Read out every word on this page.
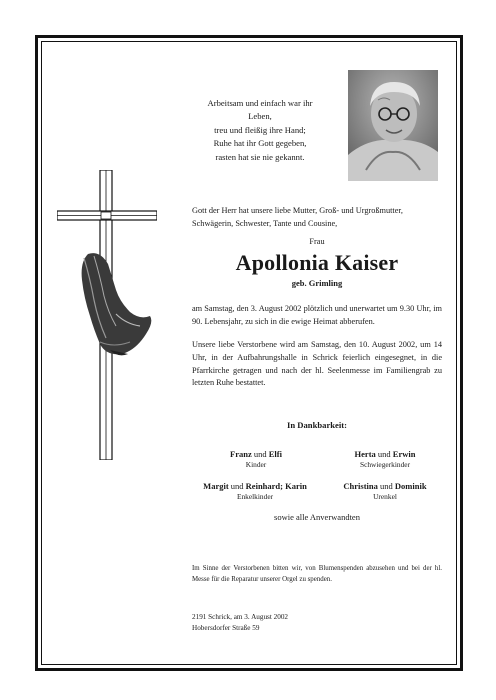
Arbeitsam und einfach war ihr
Leben,
treu und fleißig ihre Hand;
Ruhe hat ihr Gott gegeben,
rasten hat sie nie gekannt.
Gott der Herr hat unsere liebe Mutter, Groß- und Urgroßmutter, Schwägerin, Schwester, Tante und Cousine,
Frau
Apollonia Kaiser
geb. Grimling
am Samstag, den 3. August 2002 plötzlich und unerwartet um 9.30 Uhr, im 90. Lebensjahr, zu sich in die ewige Heimat abberufen.
Unsere liebe Verstorbene wird am Samstag, den 10. August 2002, um 14 Uhr, in der Aufbahrungshalle in Schrick feierlich eingesegnet, in die Pfarrkirche getragen und nach der hl. Seelenmesse im Familiengrab zu letzten Ruhe bestattet.
In Dankbarkeit:
Franz und Elfi
Kinder
Herta und Erwin
Schwiegerkinder
Margit und Reinhard; Karin
Enkelkinder
Christina und Dominik
Urenkel
sowie alle Anverwandten
Im Sinne der Verstorbenen bitten wir, von Blumenspenden abzusehen und bei der hl. Messe für die Reparatur unserer Orgel zu spenden.
2191 Schrick, am 3. August 2002
Hobersdorfer Straße 59
